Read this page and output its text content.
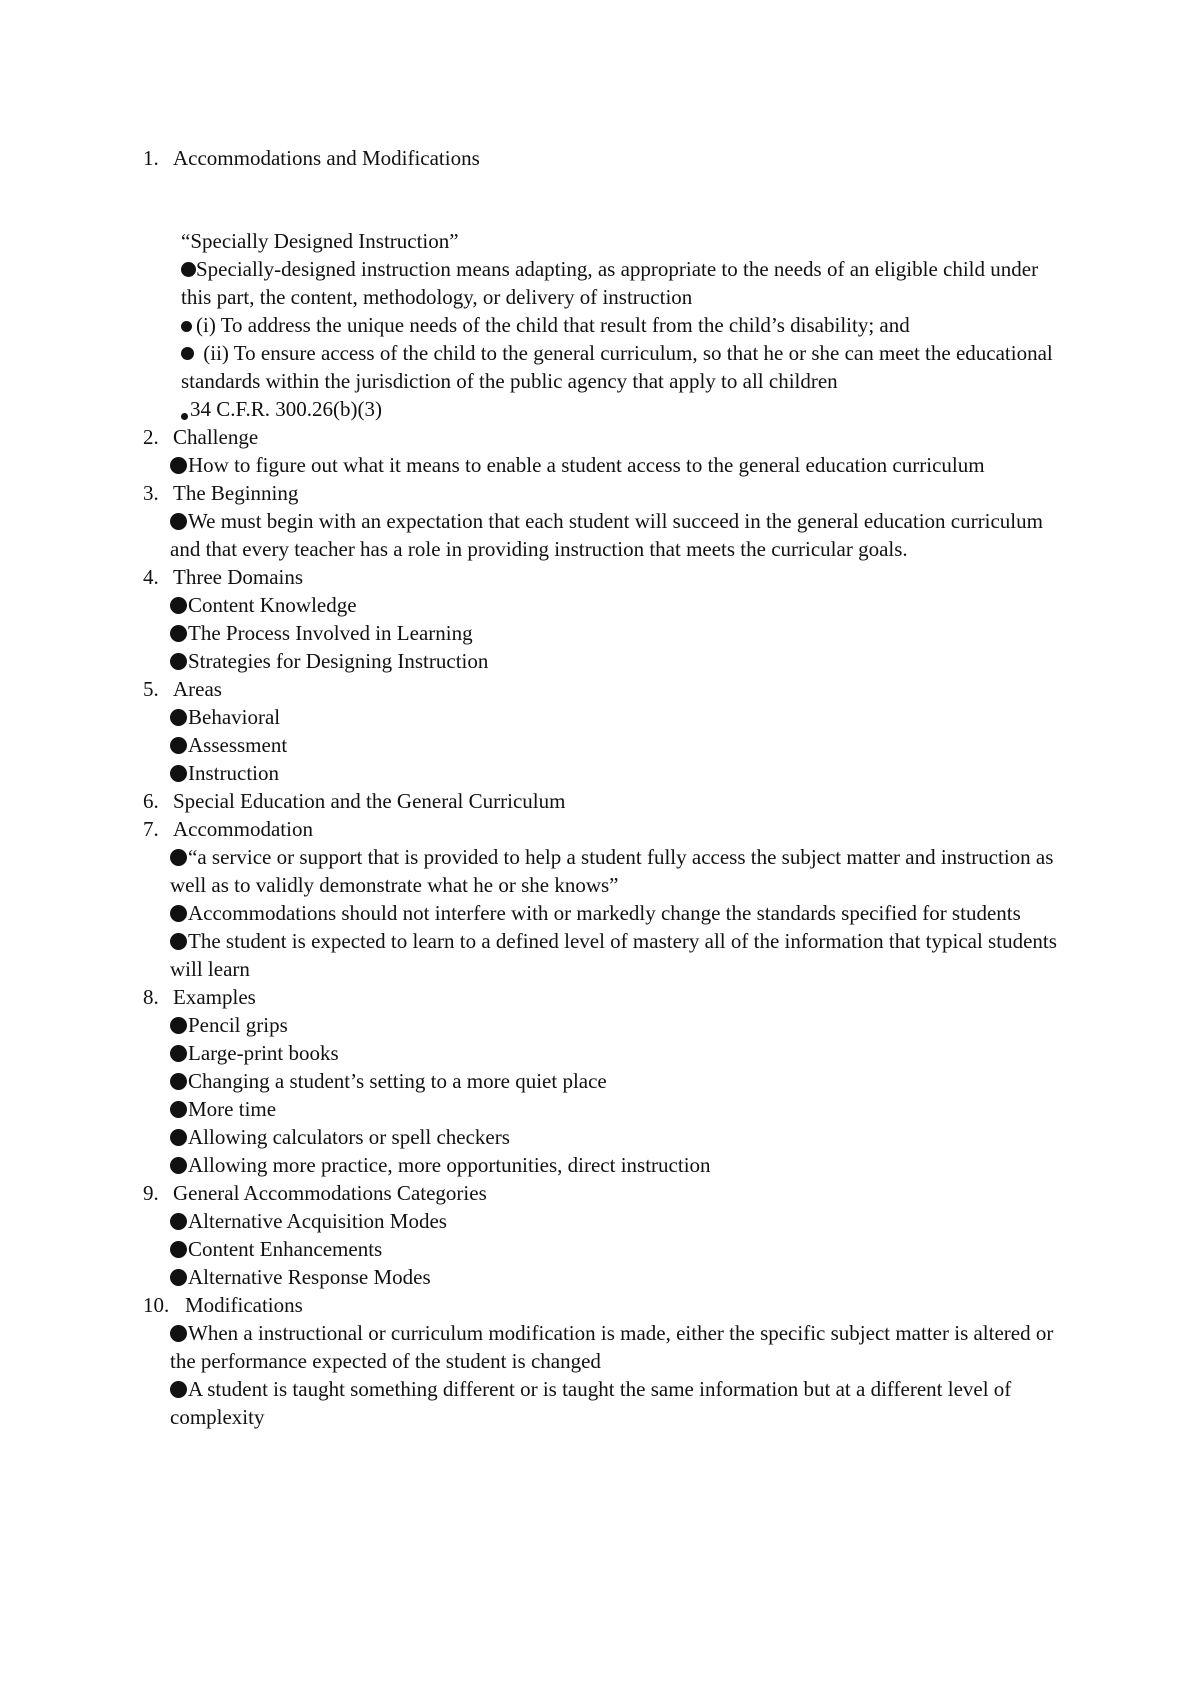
1. Accommodations and Modifications
“Specially Designed Instruction”
Specially-designed instruction means adapting, as appropriate to the needs of an eligible child under this part, the content, methodology, or delivery of instruction
(i) To address the unique needs of the child that result from the child’s disability; and
(ii) To ensure access of the child to the general curriculum, so that he or she can meet the educational standards within the jurisdiction of the public agency that apply to all children
34 C.F.R. 300.26(b)(3)
2. Challenge
How to figure out what it means to enable a student access to the general education curriculum
3. The Beginning
We must begin with an expectation that each student will succeed in the general education curriculum and that every teacher has a role in providing instruction that meets the curricular goals.
4. Three Domains
Content Knowledge
The Process Involved in Learning
Strategies for Designing Instruction
5. Areas
Behavioral
Assessment
Instruction
6. Special Education and the General Curriculum
7. Accommodation
“a service or support that is provided to help a student fully access the subject matter and instruction as well as to validly demonstrate what he or she knows”
Accommodations should not interfere with or markedly change the standards specified for students
The student is expected to learn to a defined level of mastery all of the information that typical students will learn
8. Examples
Pencil grips
Large-print books
Changing a student’s setting to a more quiet place
More time
Allowing calculators or spell checkers
Allowing more practice, more opportunities, direct instruction
9. General Accommodations Categories
Alternative Acquisition Modes
Content Enhancements
Alternative Response Modes
10. Modifications
When a instructional or curriculum modification is made, either the specific subject matter is altered or the performance expected of the student is changed
A student is taught something different or is taught the same information but at a different level of complexity
